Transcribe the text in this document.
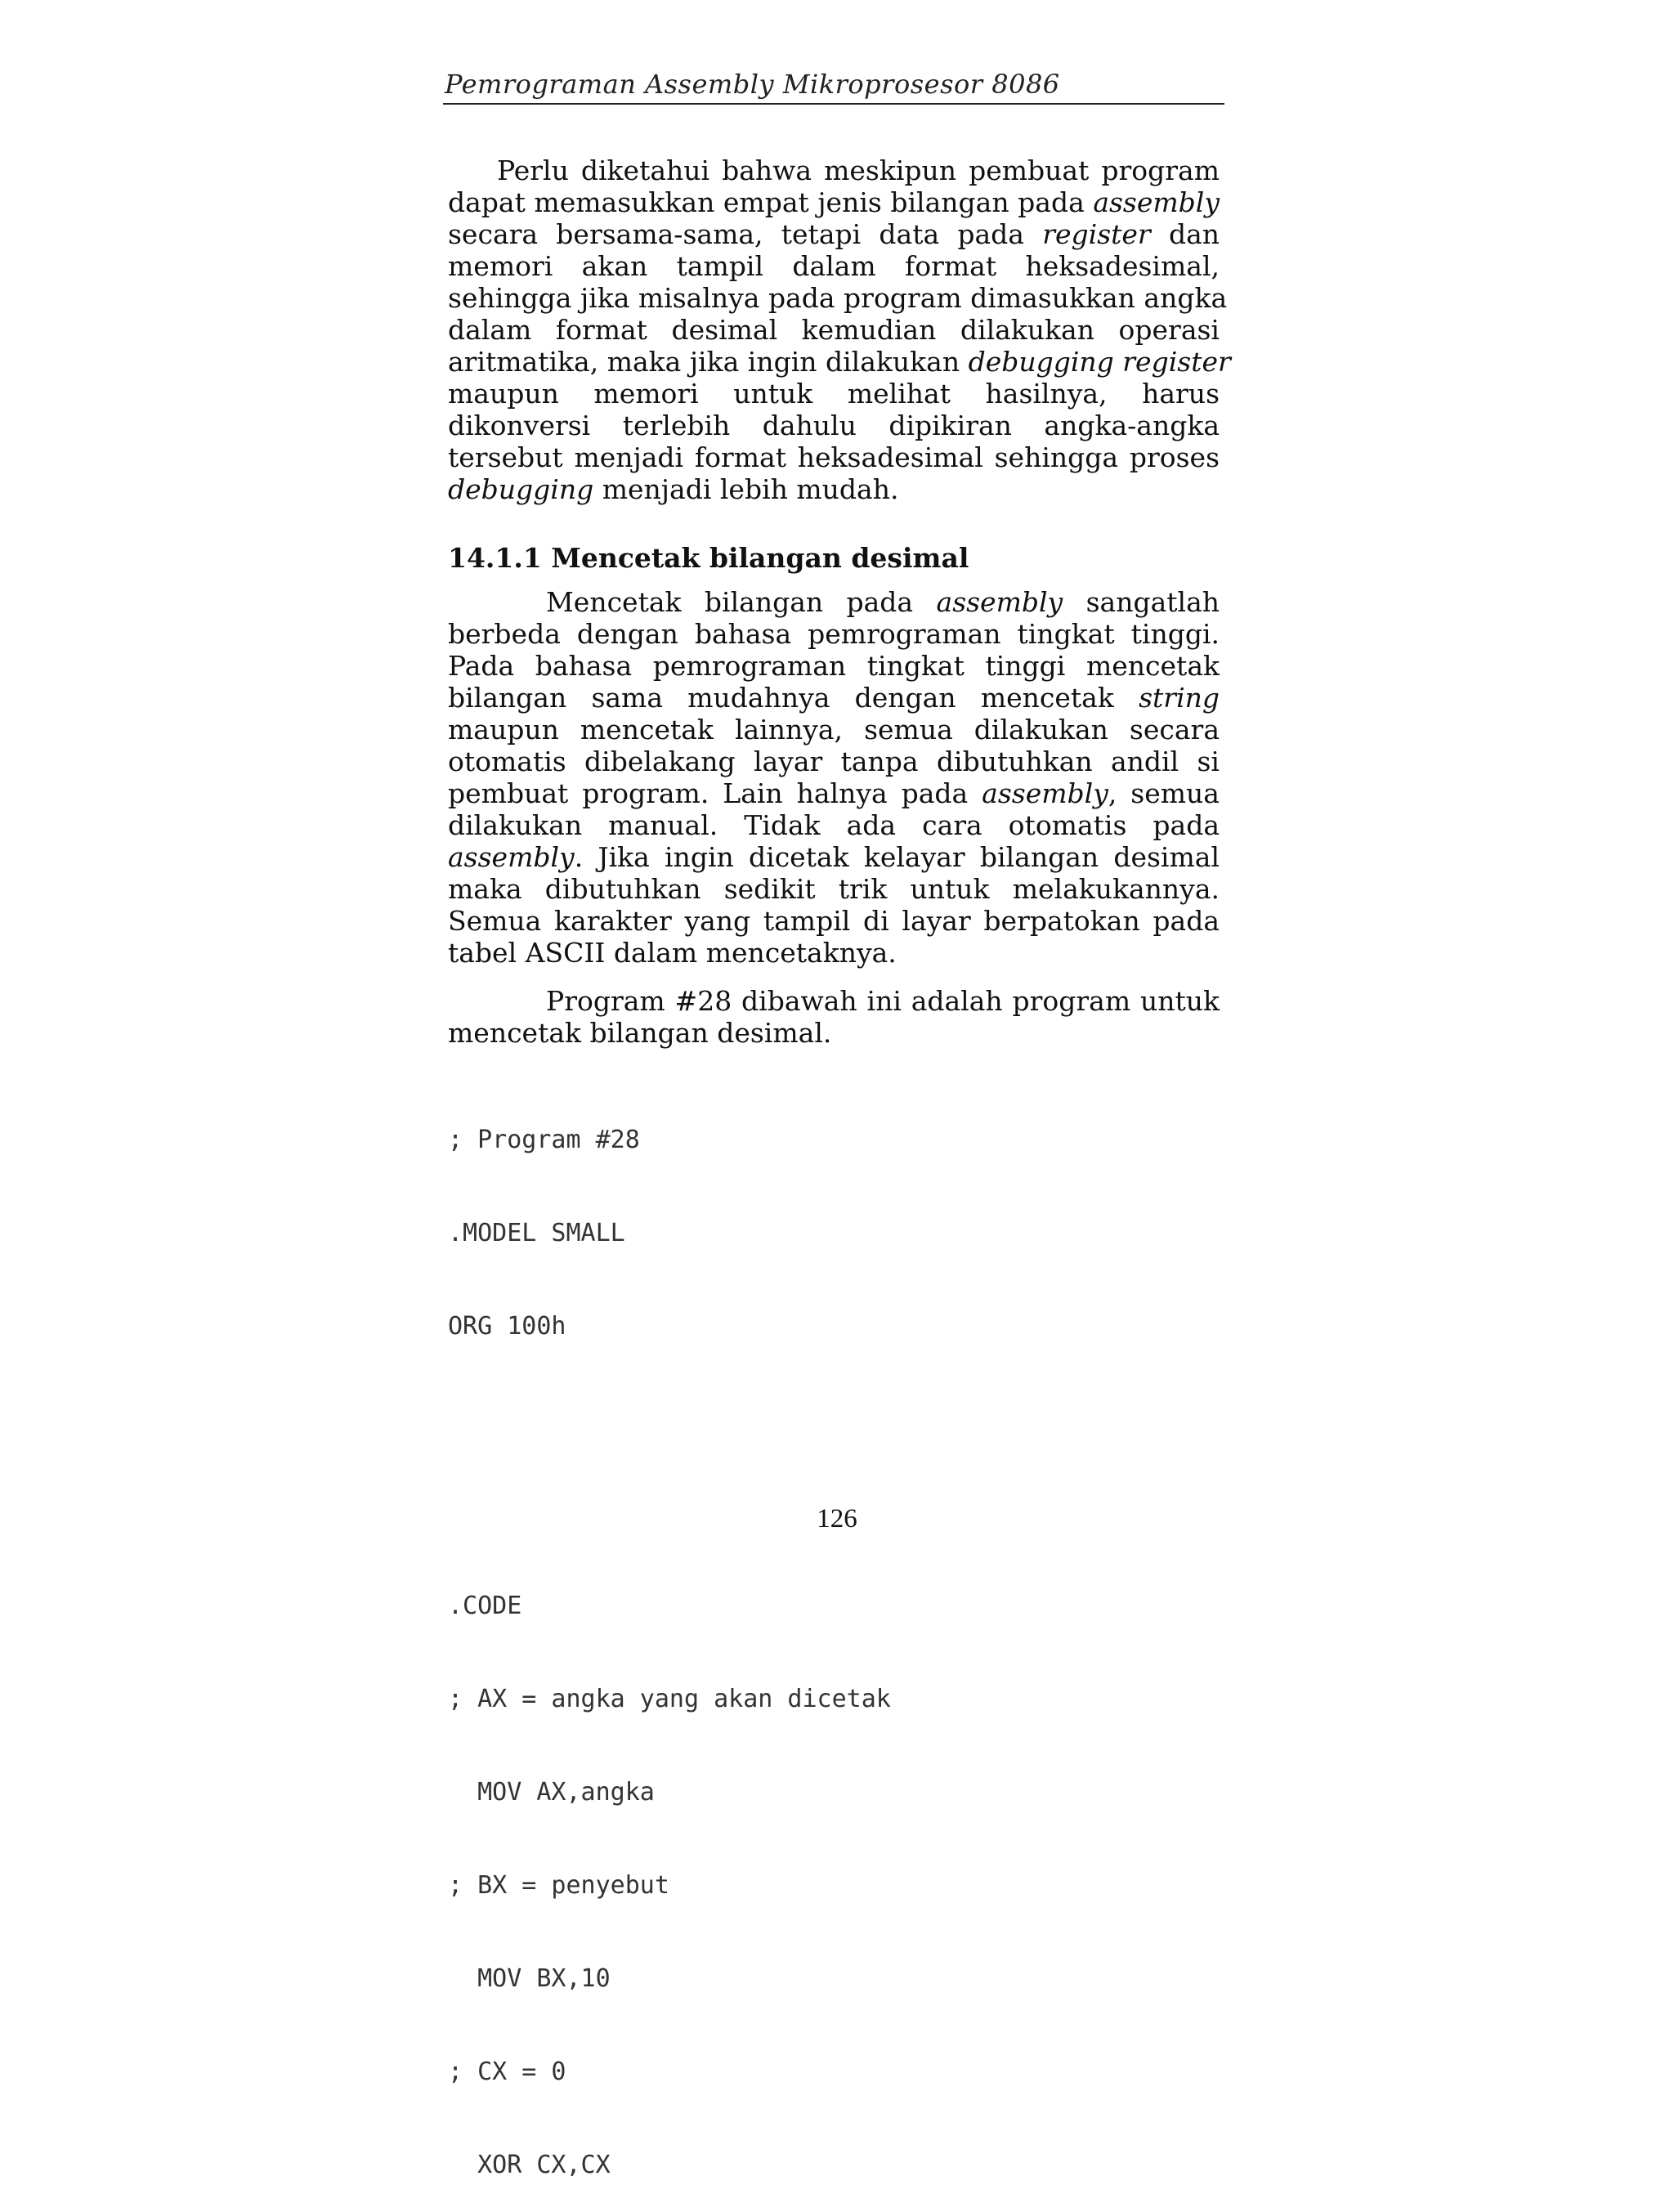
Pemrograman Assembly Mikroprosesor 8086
Perlu diketahui bahwa meskipun pembuat program
dapat memasukkan empat jenis bilangan pada assembly
secara bersama-sama, tetapi data pada register dan
memori akan tampil dalam format heksadesimal,
sehingga jika misalnya pada program dimasukkan angka
dalam format desimal kemudian dilakukan operasi
aritmatika, maka jika ingin dilakukan debugging register
maupun memori untuk melihat hasilnya, harus
dikonversi terlebih dahulu dipikiran angka-angka
tersebut menjadi format heksadesimal sehingga proses
debugging menjadi lebih mudah.
14.1.1 Mencetak bilangan desimal
Mencetak bilangan pada assembly sangatlah
berbeda dengan bahasa pemrograman tingkat tinggi.
Pada bahasa pemrograman tingkat tinggi mencetak
bilangan sama mudahnya dengan mencetak string
maupun mencetak lainnya, semua dilakukan secara
otomatis dibelakang layar tanpa dibutuhkan andil si
pembuat program. Lain halnya pada assembly, semua
dilakukan manual. Tidak ada cara otomatis pada
assembly. Jika ingin dicetak kelayar bilangan desimal
maka dibutuhkan sedikit trik untuk melakukannya.
Semua karakter yang tampil di layar berpatokan pada
tabel ASCII dalam mencetaknya.
Program #28 dibawah ini adalah program untuk
mencetak bilangan desimal.

; Program #28

.MODEL SMALL

ORG 100h

.CODE

; AX = angka yang akan dicetak

MOV AX,angka

; BX = penyebut

MOV BX,10

; CX = 0

XOR CX,CX

126
